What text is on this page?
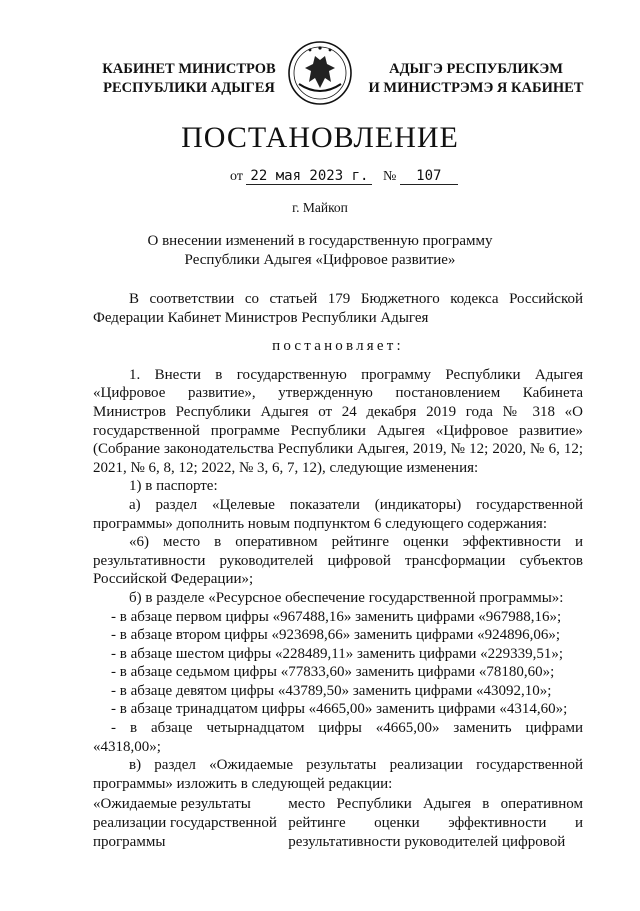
КАБИНЕТ МИНИСТРОВ
РЕСПУБЛИКИ АДЫГЕЯ
АДЫГЭ РЕСПУБЛИКЭМ
И МИНИСТРЭМЭ Я КАБИНЕТ
ПОСТАНОВЛЕНИЕ
от 22 мая 2023 г. № 107
г. Майкоп
О внесении изменений в государственную программу
Республики Адыгея «Цифровое развитие»

В соответствии со статьей 179 Бюджетного кодекса Российской Федерации Кабинет Министров Республики Адыгея

постановляет:

1. Внести в государственную программу Республики Адыгея «Цифровое развитие», утвержденную постановлением Кабинета Министров Республики Адыгея от 24 декабря 2019 года № 318 «О государственной программе Республики Адыгея «Цифровое развитие» (Собрание законодательства Республики Адыгея, 2019, № 12; 2020, № 6, 12; 2021, № 6, 8, 12; 2022, № 3, 6, 7, 12), следующие изменения:

1) в паспорте:

а) раздел «Целевые показатели (индикаторы) государственной программы» дополнить новым подпунктом 6 следующего содержания:

«6) место в оперативном рейтинге оценки эффективности и результативности руководителей цифровой трансформации субъектов Российской Федерации»;

б) в разделе «Ресурсное обеспечение государственной программы»:

- в абзаце первом цифры «967488,16» заменить цифрами «967988,16»;

- в абзаце втором цифры «923698,66» заменить цифрами «924896,06»;

- в абзаце шестом цифры «228489,11» заменить цифрами «229339,51»;

- в абзаце седьмом цифры «77833,60» заменить цифрами «78180,60»;

- в абзаце девятом цифры «43789,50» заменить цифрами «43092,10»;

- в абзаце тринадцатом цифры «4665,00» заменить цифрами «4314,60»;

- в абзаце четырнадцатом цифры «4665,00» заменить цифрами «4318,00»;

в) раздел «Ожидаемые результаты реализации государственной программы» изложить в следующей редакции:

«Ожидаемые результаты реализации государственной программы
место Республики Адыгея в оперативном рейтинге оценки эффективности и результативности руководителей цифровой
